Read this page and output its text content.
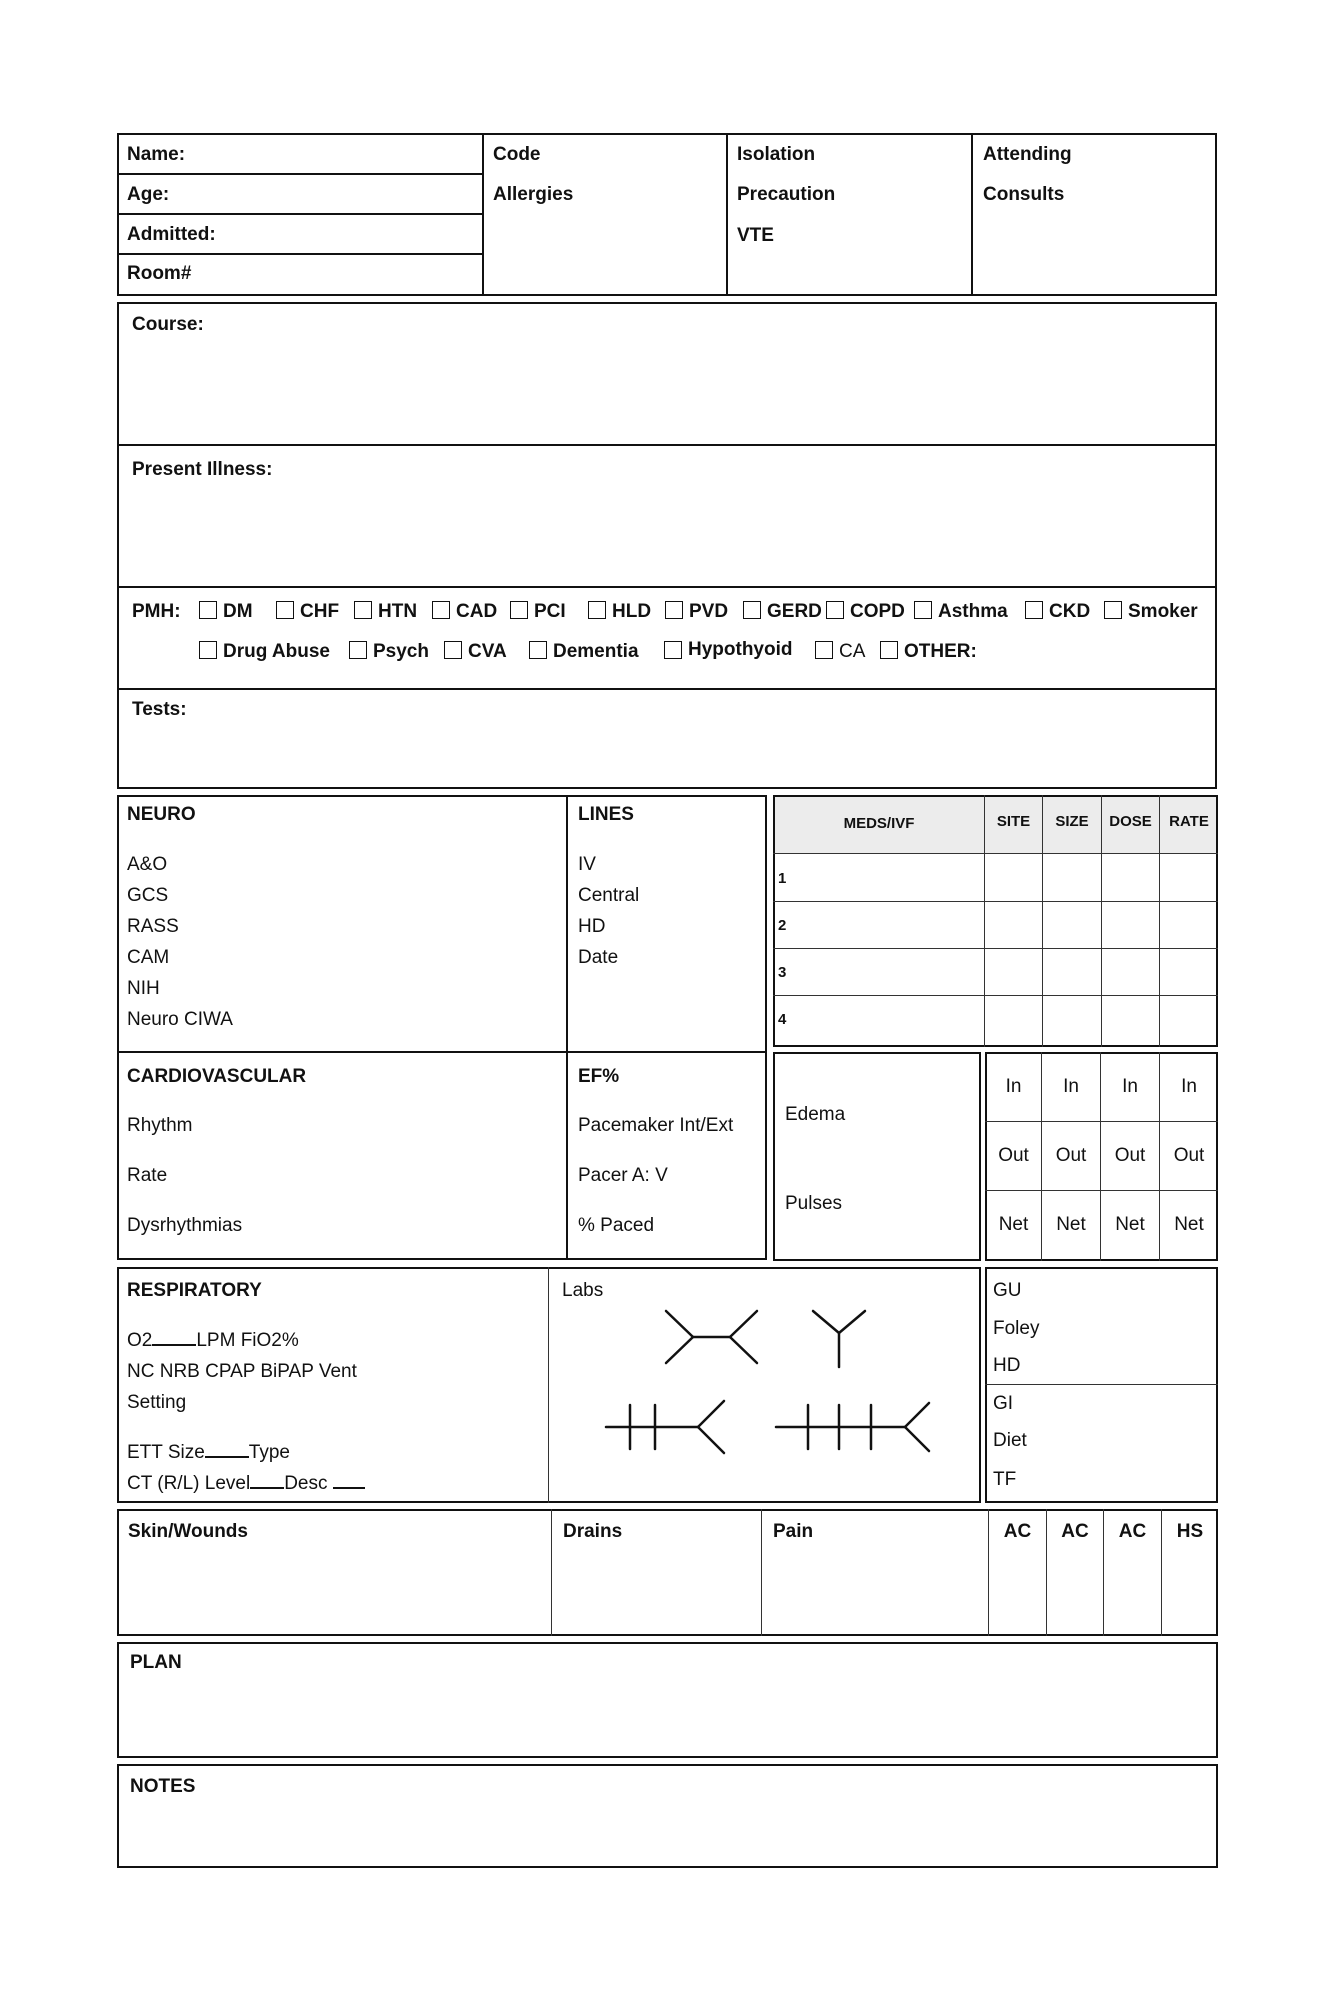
Name:
Age:
Admitted:
Room#
Code
Allergies
Isolation
Precaution
VTE
Attending
Consults
Course:
Present Illness:
PMH:
Tests:
DM CHF HTN CAD PCI HLD PVD GERD COPD Asthma CKD Smoker
Drug Abuse Psych CVA Dementia	Hypothyoid CA OTHER:
NEURO
A&O
GCS
RASS
CAM
NIH
Neuro CIWA
LINES
IV
Central
HD
Date
CARDIOVASCULAR
Rhythm
Rate
Dysrhythmias
EF%
Pacemaker Int/Ext
Pacer A: V
% Paced
MEDS/IVF	SITE	SIZE	DOSE	RATE
1
2
3
4
Edema
Pulses
In	In	In	In
Out	Out	Out	Out
Net	Net	Net	Net
RESPIRATORY
O2 LPM FiO2%
NC NRB CPAP BiPAP Vent
Setting
ETT Size Type
CT (R/L) Level Desc
Labs	GU
Foley
HD
GI
Diet
TF
Skin/Wounds	Drains	Pain	AC	AC	AC	HS
PLAN
NOTES
